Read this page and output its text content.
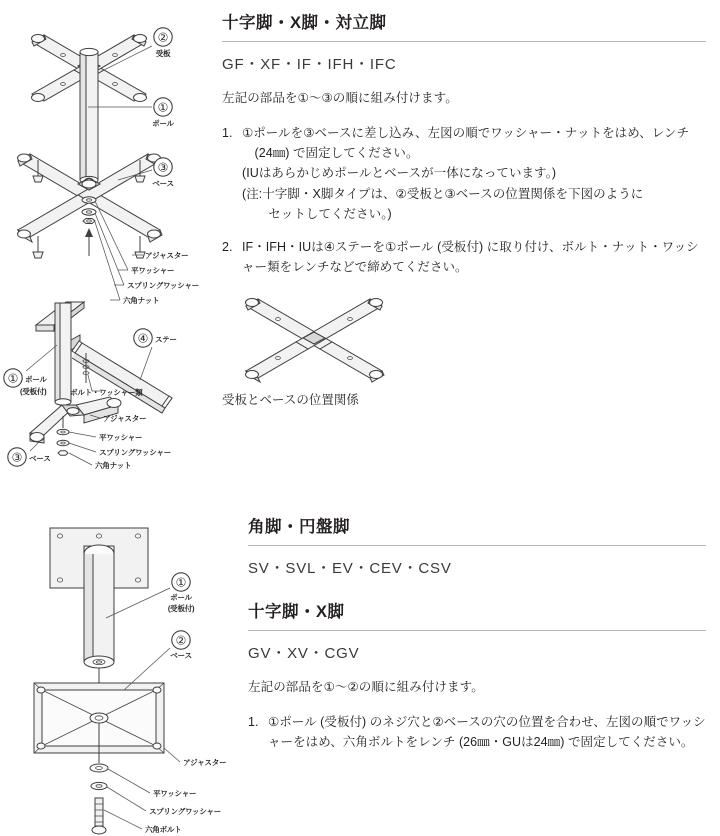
②
受板
①
ポール
③
ベース
アジャスター
平ワッシャー
スプリングワッシャー
六角ナット
十字脚・X脚・対立脚
GF・XF・IF・IFH・IFC
左記の部品を①〜③の順に組み付けます。
1. ①ポールを③ベースに差し込み、左図の順でワッシャー・ナットをはめ、レンチ (24㎜) で固定してください。
(IUはあらかじめポールとベースが一体になっています。)
(注:十字脚・X脚タイプは、②受板と③ベースの位置関係を下図のように
セットしてください。)
2. IF・IFH・IUは④ステーを①ポール (受板付) に取り付け、ボルト・ナット・ワッシャー類をレンチなどで締めてください。
④ ステー
① ポール
(受板付)
③ ベース
ボルト・ワッシャー類
アジャスター
平ワッシャー
スプリングワッシャー
六角ナット
受板とベースの位置関係
①
ポール
(受板付)
②
ベース
アジャスター
平ワッシャー
スプリングワッシャー
六角ボルト
角脚・円盤脚
SV・SVL・EV・CEV・CSV
十字脚・X脚
GV・XV・CGV
左記の部品を①〜②の順に組み付けます。
1. ①ポール (受板付) のネジ穴と②ベースの穴の位置を合わせ、左図の順でワッシャーをはめ、六角ボルトをレンチ (26㎜・GUは24㎜) で固定してください。
